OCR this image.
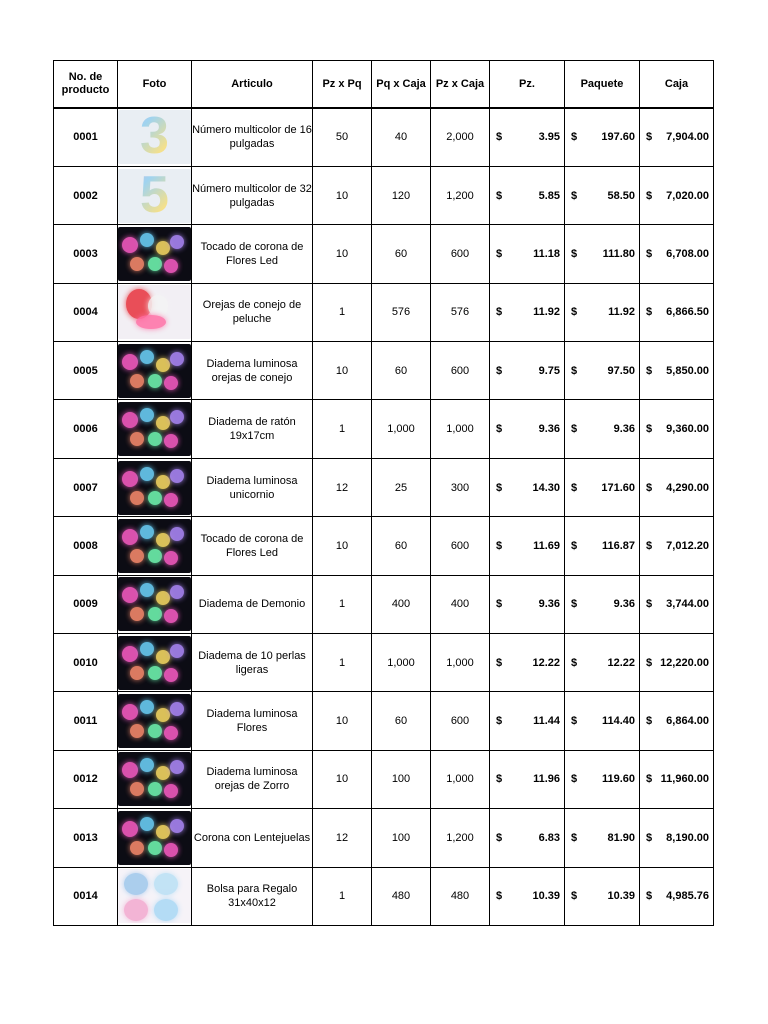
No. de producto	Foto	Articulo	Pz x Pq	Pq x Caja	Pz x Caja	Pz.	Paquete	Caja
0001	3	Número multicolor de 16 pulgadas	50	40	2,000	$ 3.95	$ 197.60	$ 7,904.00

0002	5	Número multicolor de 32 pulgadas	10	120	1,200	$ 5.85	$ 58.50	$ 7,020.00

0003		Tocado de corona de Flores Led	10	60	600	$ 11.18	$ 111.80	$ 6,708.00

0004		Orejas de conejo de peluche	1	576	576	$ 11.92	$ 11.92	$ 6,866.50

0005		Diadema luminosa orejas de conejo	10	60	600	$ 9.75	$ 97.50	$ 5,850.00

0006		Diadema de ratón 19x17cm	1	1,000	1,000	$ 9.36	$ 9.36	$ 9,360.00

0007		Diadema luminosa unicornio	12	25	300	$ 14.30	$ 171.60	$ 4,290.00

0008		Tocado de corona de Flores Led	10	60	600	$ 11.69	$ 116.87	$ 7,012.20

0009		Diadema de Demonio	1	400	400	$ 9.36	$ 9.36	$ 3,744.00

0010		Diadema de 10 perlas ligeras	1	1,000	1,000	$ 12.22	$ 12.22	$ 12,220.00

0011		Diadema luminosa Flores	10	60	600	$ 11.44	$ 114.40	$ 6,864.00

0012		Diadema luminosa orejas de Zorro	10	100	1,000	$ 11.96	$ 119.60	$ 11,960.00

0013		Corona con Lentejuelas	12	100	1,200	$ 6.83	$ 81.90	$ 8,190.00

0014		Bolsa para Regalo 31x40x12	1	480	480	$ 10.39	$ 10.39	$ 4,985.76
